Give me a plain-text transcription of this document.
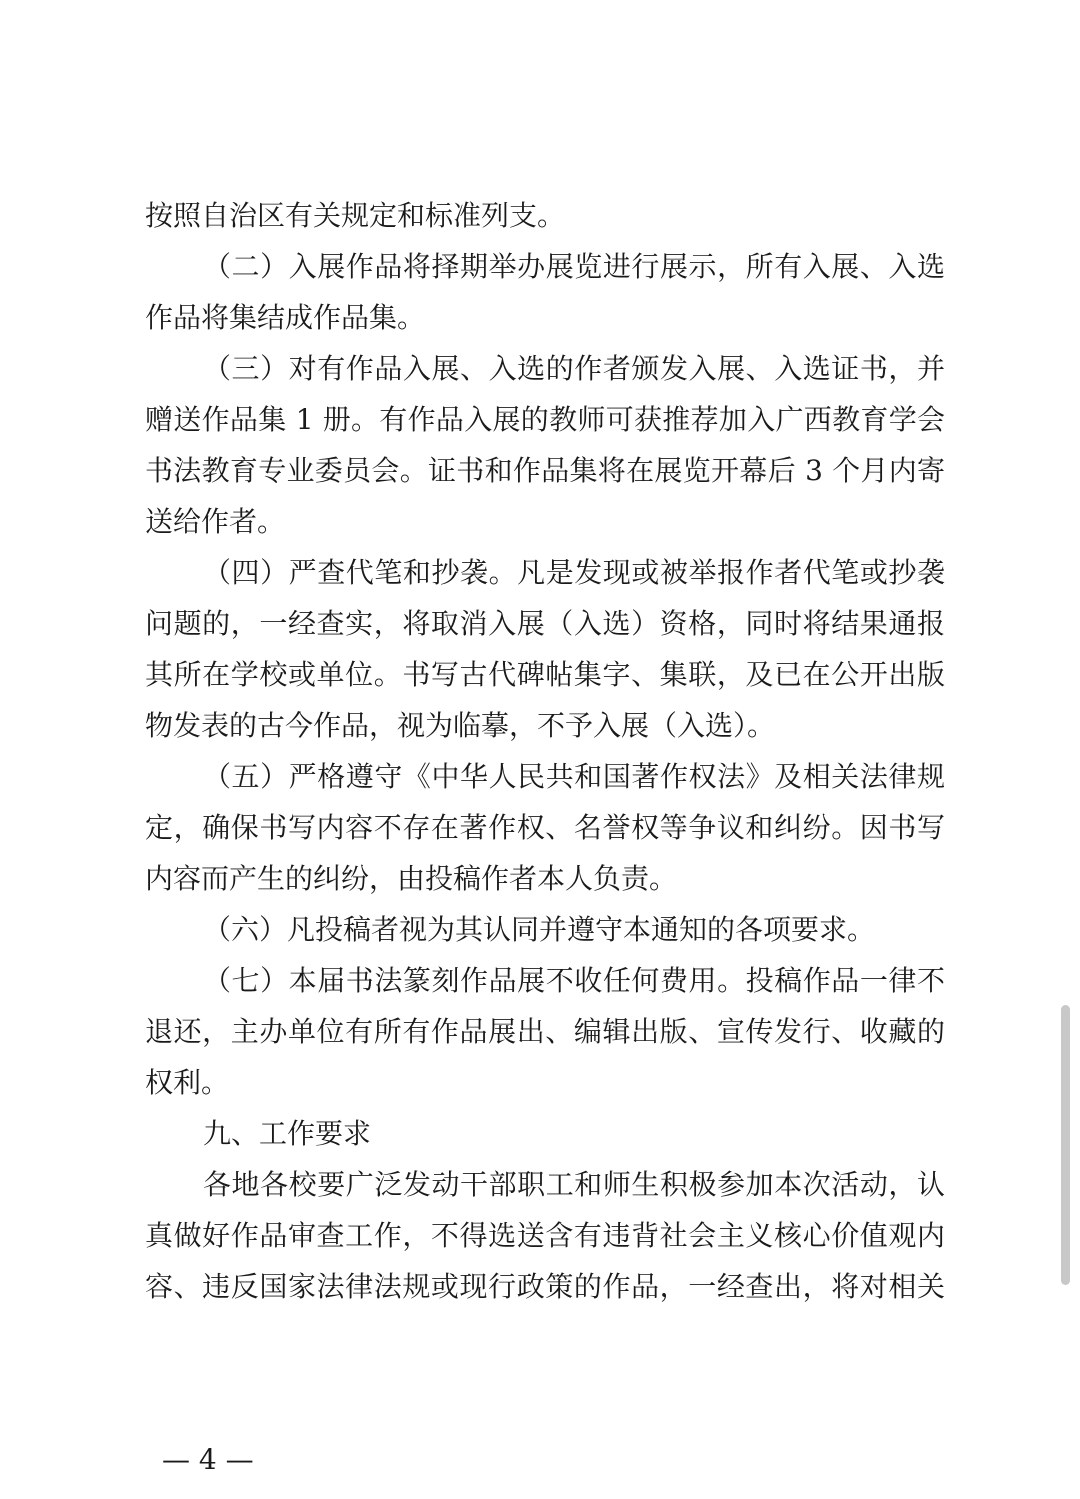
按照自治区有关规定和标准列支。
（二）入展作品将择期举办展览进行展示，所有入展、入选
作品将集结成作品集。
（三）对有作品入展、入选的作者颁发入展、入选证书，并
赠送作品集 1 册。有作品入展的教师可获推荐加入广西教育学会
书法教育专业委员会。证书和作品集将在展览开幕后 3 个月内寄
送给作者。
（四）严查代笔和抄袭。凡是发现或被举报作者代笔或抄袭
问题的，一经查实，将取消入展（入选）资格，同时将结果通报
其所在学校或单位。书写古代碑帖集字、集联，及已在公开出版
物发表的古今作品，视为临摹，不予入展（入选）。
（五）严格遵守《中华人民共和国著作权法》及相关法律规
定，确保书写内容不存在著作权、名誉权等争议和纠纷。因书写
内容而产生的纠纷，由投稿作者本人负责。
（六）凡投稿者视为其认同并遵守本通知的各项要求。
（七）本届书法篆刻作品展不收任何费用。投稿作品一律不
退还，主办单位有所有作品展出、编辑出版、宣传发行、收藏的
权利。
九、工作要求
各地各校要广泛发动干部职工和师生积极参加本次活动，认
真做好作品审查工作，不得选送含有违背社会主义核心价值观内
容、违反国家法律法规或现行政策的作品，一经查出，将对相关
— 4 —
